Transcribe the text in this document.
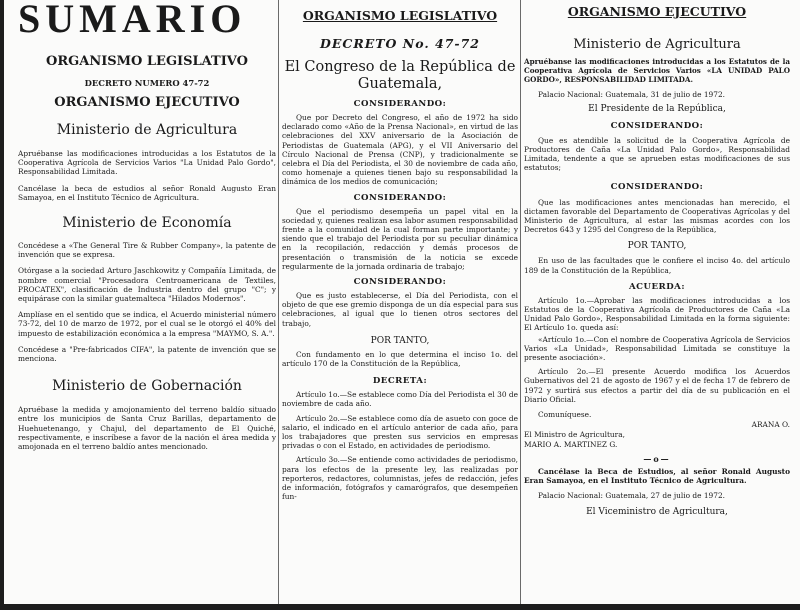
SUMARIO
ORGANISMO LEGISLATIVO
DECRETO NUMERO 47-72
ORGANISMO EJECUTIVO
Ministerio de Agricultura

Apruébanse las modificaciones introducidas a los Estatutos de la Cooperativa Agrícola de Servicios Varios "La Unidad Palo Gordo", Responsabilidad Limitada.

Cancélase la beca de estudios al señor Ronald Augusto Eran Samayoa, en el Instituto Técnico de Agricultura.

Ministerio de Economía

Concédese a «The General Tire & Rubber Company», la patente de invención que se expresa.

Otórgase a la sociedad Arturo Jaschkowitz y Compañía Limitada, de nombre comercial "Procesadora Centroamericana de Textiles, PROCATEX", clasificación de Industria dentro del grupo "C"; y equipárase con la similar guatemalteca "Hilados Modernos".

Amplíase en el sentido que se indica, el Acuerdo ministerial número 73-72, del 10 de marzo de 1972, por el cual se le otorgó el 40% del impuesto de estabilización económica a la empresa "MAYMO, S. A.".

Concédese a "Pre-fabricados CIFA", la patente de invención que se menciona.

Ministerio de Gobernación

Apruébase la medida y amojonamiento del terreno baldío situado entre los municipios de Santa Cruz Barillas, departamento de Huehuetenango, y Chajul, del departamento de El Quiché, respectivamente, e inscríbese a favor de la nación el área medida y amojonada en el terreno baldío antes mencionado.

ORGANISMO LEGISLATIVO
DECRETO No. 47-72
El Congreso de la República de Guatemala,
CONSIDERANDO:

Que por Decreto del Congreso, el año de 1972 ha sido declarado como «Año de la Prensa Nacional», en virtud de las celebraciones del XXV aniversario de la Asociación de Periodistas de Guatemala (APG), y el VII Aniversario del Círculo Nacional de Prensa (CNP), y tradicionalmente se celebra el Día del Periodista, el 30 de noviembre de cada año, como homenaje a quienes tienen bajo su responsabilidad la dinámica de los medios de comunicación;

CONSIDERANDO:

Que el periodismo desempeña un papel vital en la sociedad y, quienes realizan esa labor asumen responsabilidad frente a la comunidad de la cual forman parte importante; y siendo que el trabajo del Periodista por su peculiar dinámica en la recopilación, redacción y demás procesos de presentación o transmisión de la noticia se excede regularmente de la jornada ordinaria de trabajo;

CONSIDERANDO:

Que es justo establecerse, el Día del Periodista, con el objeto de que ese gremio disponga de un día especial para sus celebraciones, al igual que lo tienen otros sectores del trabajo,

POR TANTO,

Con fundamento en lo que determina el inciso 1o. del artículo 170 de la Constitución de la República,

DECRETA:

Artículo 1o.—Se establece como Día del Periodista el 30 de noviembre de cada año.

Artículo 2o.—Se establece como día de asueto con goce de salario, el indicado en el artículo anterior de cada año, para los trabajadores que presten sus servicios en empresas privadas o con el Estado, en actividades de periodismo.

Artículo 3o.—Se entiende como actividades de periodismo, para los efectos de la presente ley, las realizadas por reporteros, redactores, columnistas, jefes de redacción, jefes de información, fotógrafos y camarógrafos, que desempeñen fun-

ORGANISMO EJECUTIVO
Ministerio de Agricultura

Apruébanse las modificaciones introducidas a los Estatutos de la Cooperativa Agrícola de Servicios Varios «LA UNIDAD PALO GORDO», RESPONSABILIDAD LIMITADA.

Palacio Nacional: Guatemala, 31 de julio de 1972.

El Presidente de la República,
CONSIDERANDO:

Que es atendible la solicitud de la Cooperativa Agrícola de Productores de Caña «La Unidad Palo Gordo», Responsabilidad Limitada, tendente a que se aprueben estas modificaciones de sus estatutos;

CONSIDERANDO:

Que las modificaciones antes mencionadas han merecido, el dictamen favorable del Departamento de Cooperativas Agrícolas y del Ministerio de Agricultura, al estar las mismas acordes con los Decretos 643 y 1295 del Congreso de la República,

POR TANTO,

En uso de las facultades que le confiere el inciso 4o. del artículo 189 de la Constitución de la República,

ACUERDA:

Artículo 1o.—Aprobar las modificaciones introducidas a los Estatutos de la Cooperativa Agrícola de Productores de Caña «La Unidad Palo Gordo», Responsabilidad Limitada en la forma siguiente: El Artículo 1o. queda así:

«Artículo 1o.—Con el nombre de Cooperativa Agrícola de Servicios Varios «La Unidad», Responsabilidad Limitada se constituye la presente asociación».

Artículo 2o.—El presente Acuerdo modifica los Acuerdos Gubernativos del 21 de agosto de 1967 y el de fecha 17 de febrero de 1972 y surtirá sus efectos a partir del día de su publicación en el Diario Oficial.

Comuníquese.

ARANA O.

El Ministro de Agricultura,

MARIO A. MARTINEZ G.

—o—

Cancélase la Beca de Estudios, al señor Ronald Augusto Eran Samayoa, en el Instituto Técnico de Agricultura.

Palacio Nacional: Guatemala, 27 de julio de 1972.

El Viceministro de Agricultura,
